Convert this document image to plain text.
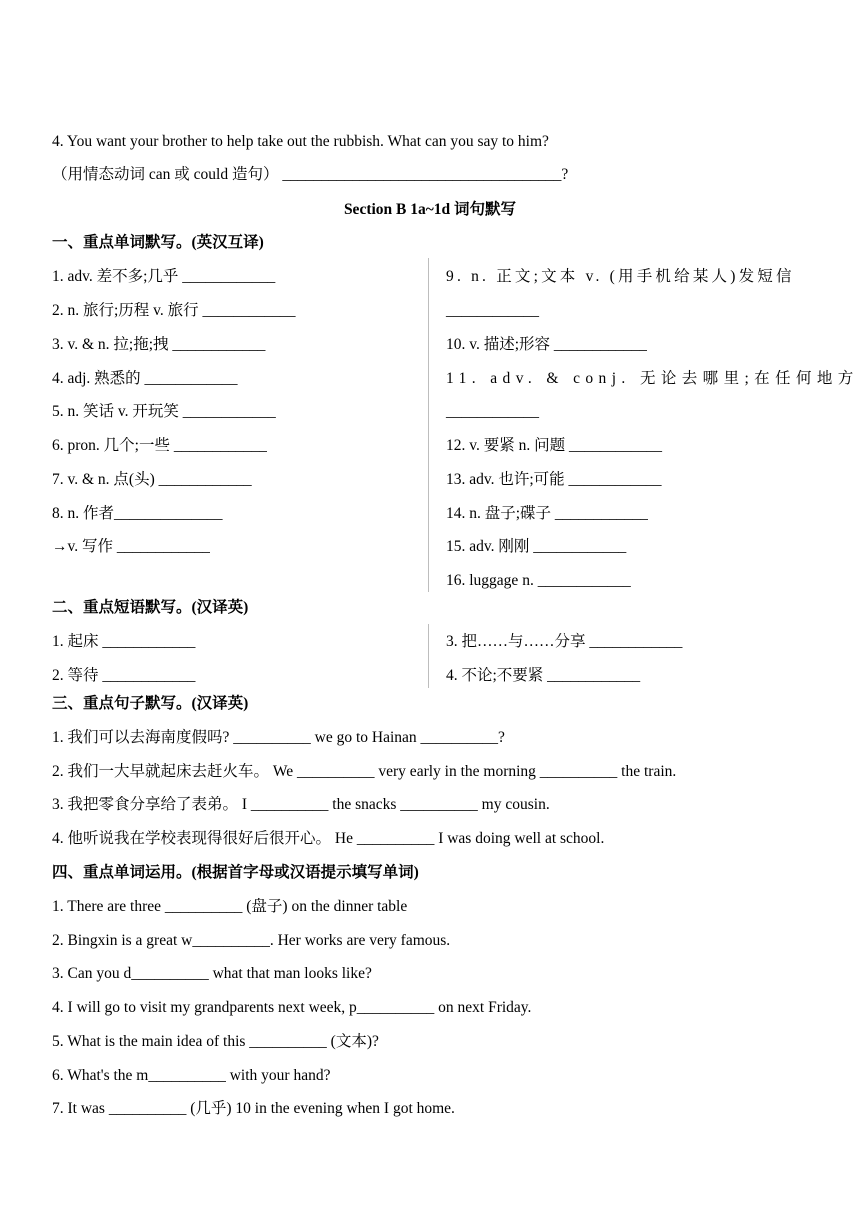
4. You want your brother to help take out the rubbish. What can you say to him?
（用情态动词 can 或 could 造句） ____________________________________?
Section B 1a~1d 词句默写
一、重点单词默写。(英汉互译)
1. adv. 差不多;几乎 ____________
2. n. 旅行;历程 v. 旅行 ____________
3. v. & n. 拉;拖;拽 ____________
4. adj. 熟悉的 ____________
5. n. 笑话 v. 开玩笑 ____________
6. pron. 几个;一些 ____________
7. v. & n. 点(头) ____________
8. n. 作者______________
→v. 写作 ____________
9. n. 正文;文本 v. (用手机给某人)发短信
____________
10. v. 描述;形容 ____________
11. adv. & conj. 无论去哪里;在任何地方
____________
12. v. 要紧 n. 问题 ____________
13. adv. 也许;可能 ____________
14. n. 盘子;碟子 ____________
15. adv. 刚刚 ____________
16. luggage n. ____________
二、重点短语默写。(汉译英)
1. 起床 ____________
2. 等待 ____________
3. 把……与……分享 ____________
4. 不论;不要紧 ____________
三、重点句子默写。(汉译英)
1. 我们可以去海南度假吗? __________ we go to Hainan __________?
2. 我们一大早就起床去赶火车。 We __________ very early in the morning __________ the train.
3. 我把零食分享给了表弟。 I __________ the snacks __________ my cousin.
4. 他听说我在学校表现得很好后很开心。 He __________ I was doing well at school.
四、重点单词运用。(根据首字母或汉语提示填写单词)
1. There are three __________ (盘子) on the dinner table
2. Bingxin is a great w__________. Her works are very famous.
3. Can you d__________ what that man looks like?
4. I will go to visit my grandparents next week, p__________ on next Friday.
5. What is the main idea of this __________ (文本)?
6. What's the m__________ with your hand?
7. It was __________ (几乎) 10 in the evening when I got home.
